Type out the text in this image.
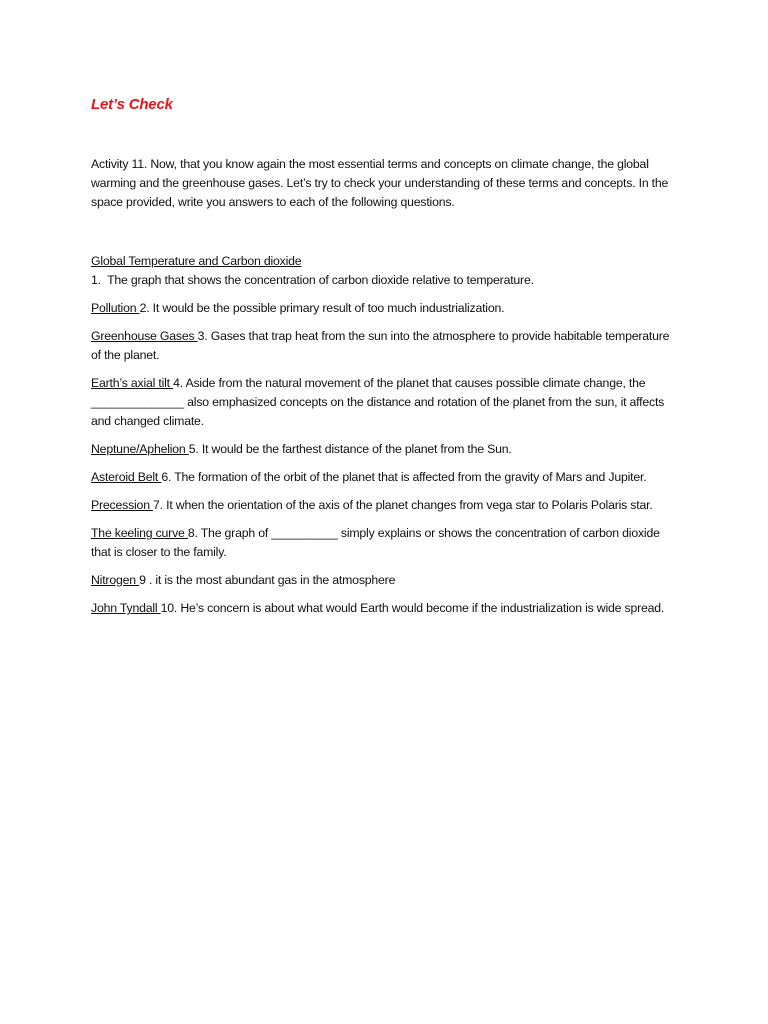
Let’s Check

Activity 11. Now, that you know again the most essential terms and concepts on climate change, the global warming and the greenhouse gases. Let’s try to check your understanding of these terms and concepts. In the space provided, write you answers to each of the following questions.

Global Temperature and Carbon dioxide 1.  The graph that shows the concentration of carbon dioxide relative to temperature.
Pollution 2. It would be the possible primary result of too much industrialization.
Greenhouse Gases 3. Gases that trap heat from the sun into the atmosphere to provide habitable temperature of the planet.
Earth’s axial tilt 4. Aside from the natural movement of the planet that causes possible climate change, the ______________ also emphasized concepts on the distance and rotation of the planet from the sun, it affects and changed climate.
Neptune/Aphelion 5. It would be the farthest distance of the planet from the Sun.
Asteroid Belt 6. The formation of the orbit of the planet that is affected from the gravity of Mars and Jupiter.
Precession 7. It when the orientation of the axis of the planet changes from vega star to Polaris Polaris star.
The keeling curve 8. The graph of __________ simply explains or shows the concentration of carbon dioxide that is closer to the family.
Nitrogen 9 . it is the most abundant gas in the atmosphere
John Tyndall 10. He’s concern is about what would Earth would become if the industrialization is wide spread.
